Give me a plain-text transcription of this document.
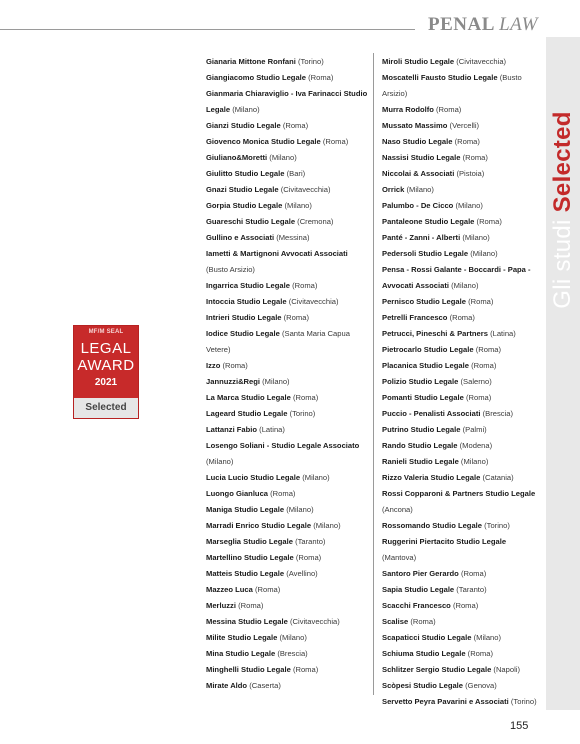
PENAL LAW
Gli studi Selected
MF/M SEAL
LEGAL
AWARD
2021
Selected

Gianaria Mittone Ronfani (Torino)

Giangiacomo Studio Legale (Roma)

Gianmaria Chiaraviglio - Iva Farinacci Studio Legale (Milano)

Gianzi Studio Legale (Roma)

Giovenco Monica Studio Legale (Roma)

Giuliano&Moretti (Milano)

Giulitto Studio Legale (Bari)

Gnazi Studio Legale (Civitavecchia)

Gorpia Studio Legale (Milano)

Guareschi Studio Legale (Cremona)

Gullino e Associati (Messina)

Iametti & Martignoni Avvocati Associati (Busto Arsizio)

Ingarrica Studio Legale (Roma)

Intoccia Studio Legale (Civitavecchia)

Intrieri Studio Legale (Roma)

Iodice Studio Legale (Santa Maria Capua Vetere)

Izzo (Roma)

Jannuzzi&Regi (Milano)

La Marca Studio Legale (Roma)

Lageard Studio Legale (Torino)

Lattanzi Fabio (Latina)

Losengo Soliani - Studio Legale Associato (Milano)

Lucia Lucio Studio Legale (Milano)

Luongo Gianluca (Roma)

Maniga Studio Legale (Milano)

Marradi Enrico Studio Legale (Milano)

Marseglia Studio Legale (Taranto)

Martellino Studio Legale (Roma)

Matteis Studio Legale (Avellino)

Mazzeo Luca (Roma)

Merluzzi (Roma)

Messina Studio Legale (Civitavecchia)

Milite Studio Legale (Milano)

Mina Studio Legale (Brescia)

Minghelli Studio Legale (Roma)

Mirate Aldo (Caserta)

Miroli Studio Legale (Civitavecchia)

Moscatelli Fausto Studio Legale (Busto Arsizio)

Murra Rodolfo (Roma)

Mussato Massimo (Vercelli)

Naso Studio Legale (Roma)

Nassisi Studio Legale (Roma)

Niccolai & Associati (Pistoia)

Orrick (Milano)

Palumbo - De Cicco (Milano)

Pantaleone Studio Legale (Roma)

Panté - Zanni - Alberti (Milano)

Pedersoli Studio Legale (Milano)

Pensa - Rossi Galante - Boccardi - Papa - Avvocati Associati (Milano)

Pernisco Studio Legale (Roma)

Petrelli Francesco (Roma)

Petrucci, Pineschi & Partners (Latina)

Pietrocarlo Studio Legale (Roma)

Placanica Studio Legale (Roma)

Polizio Studio Legale (Salerno)

Pomanti Studio Legale (Roma)

Puccio - Penalisti Associati (Brescia)

Putrino Studio Legale (Palmi)

Rando Studio Legale (Modena)

Ranieli Studio Legale (Milano)

Rizzo Valeria Studio Legale (Catania)

Rossi Copparoni & Partners Studio Legale (Ancona)

Rossomando Studio Legale (Torino)

Ruggerini Piertacito Studio Legale (Mantova)

Santoro Pier Gerardo (Roma)

Sapia Studio Legale (Taranto)

Scacchi Francesco (Roma)

Scalise (Roma)

Scapaticci Studio Legale (Milano)

Schiuma Studio Legale (Roma)

Schlitzer Sergio Studio Legale (Napoli)

Scòpesi Studio Legale (Genova)

Servetto Peyra Pavarini e Associati (Torino)

155
